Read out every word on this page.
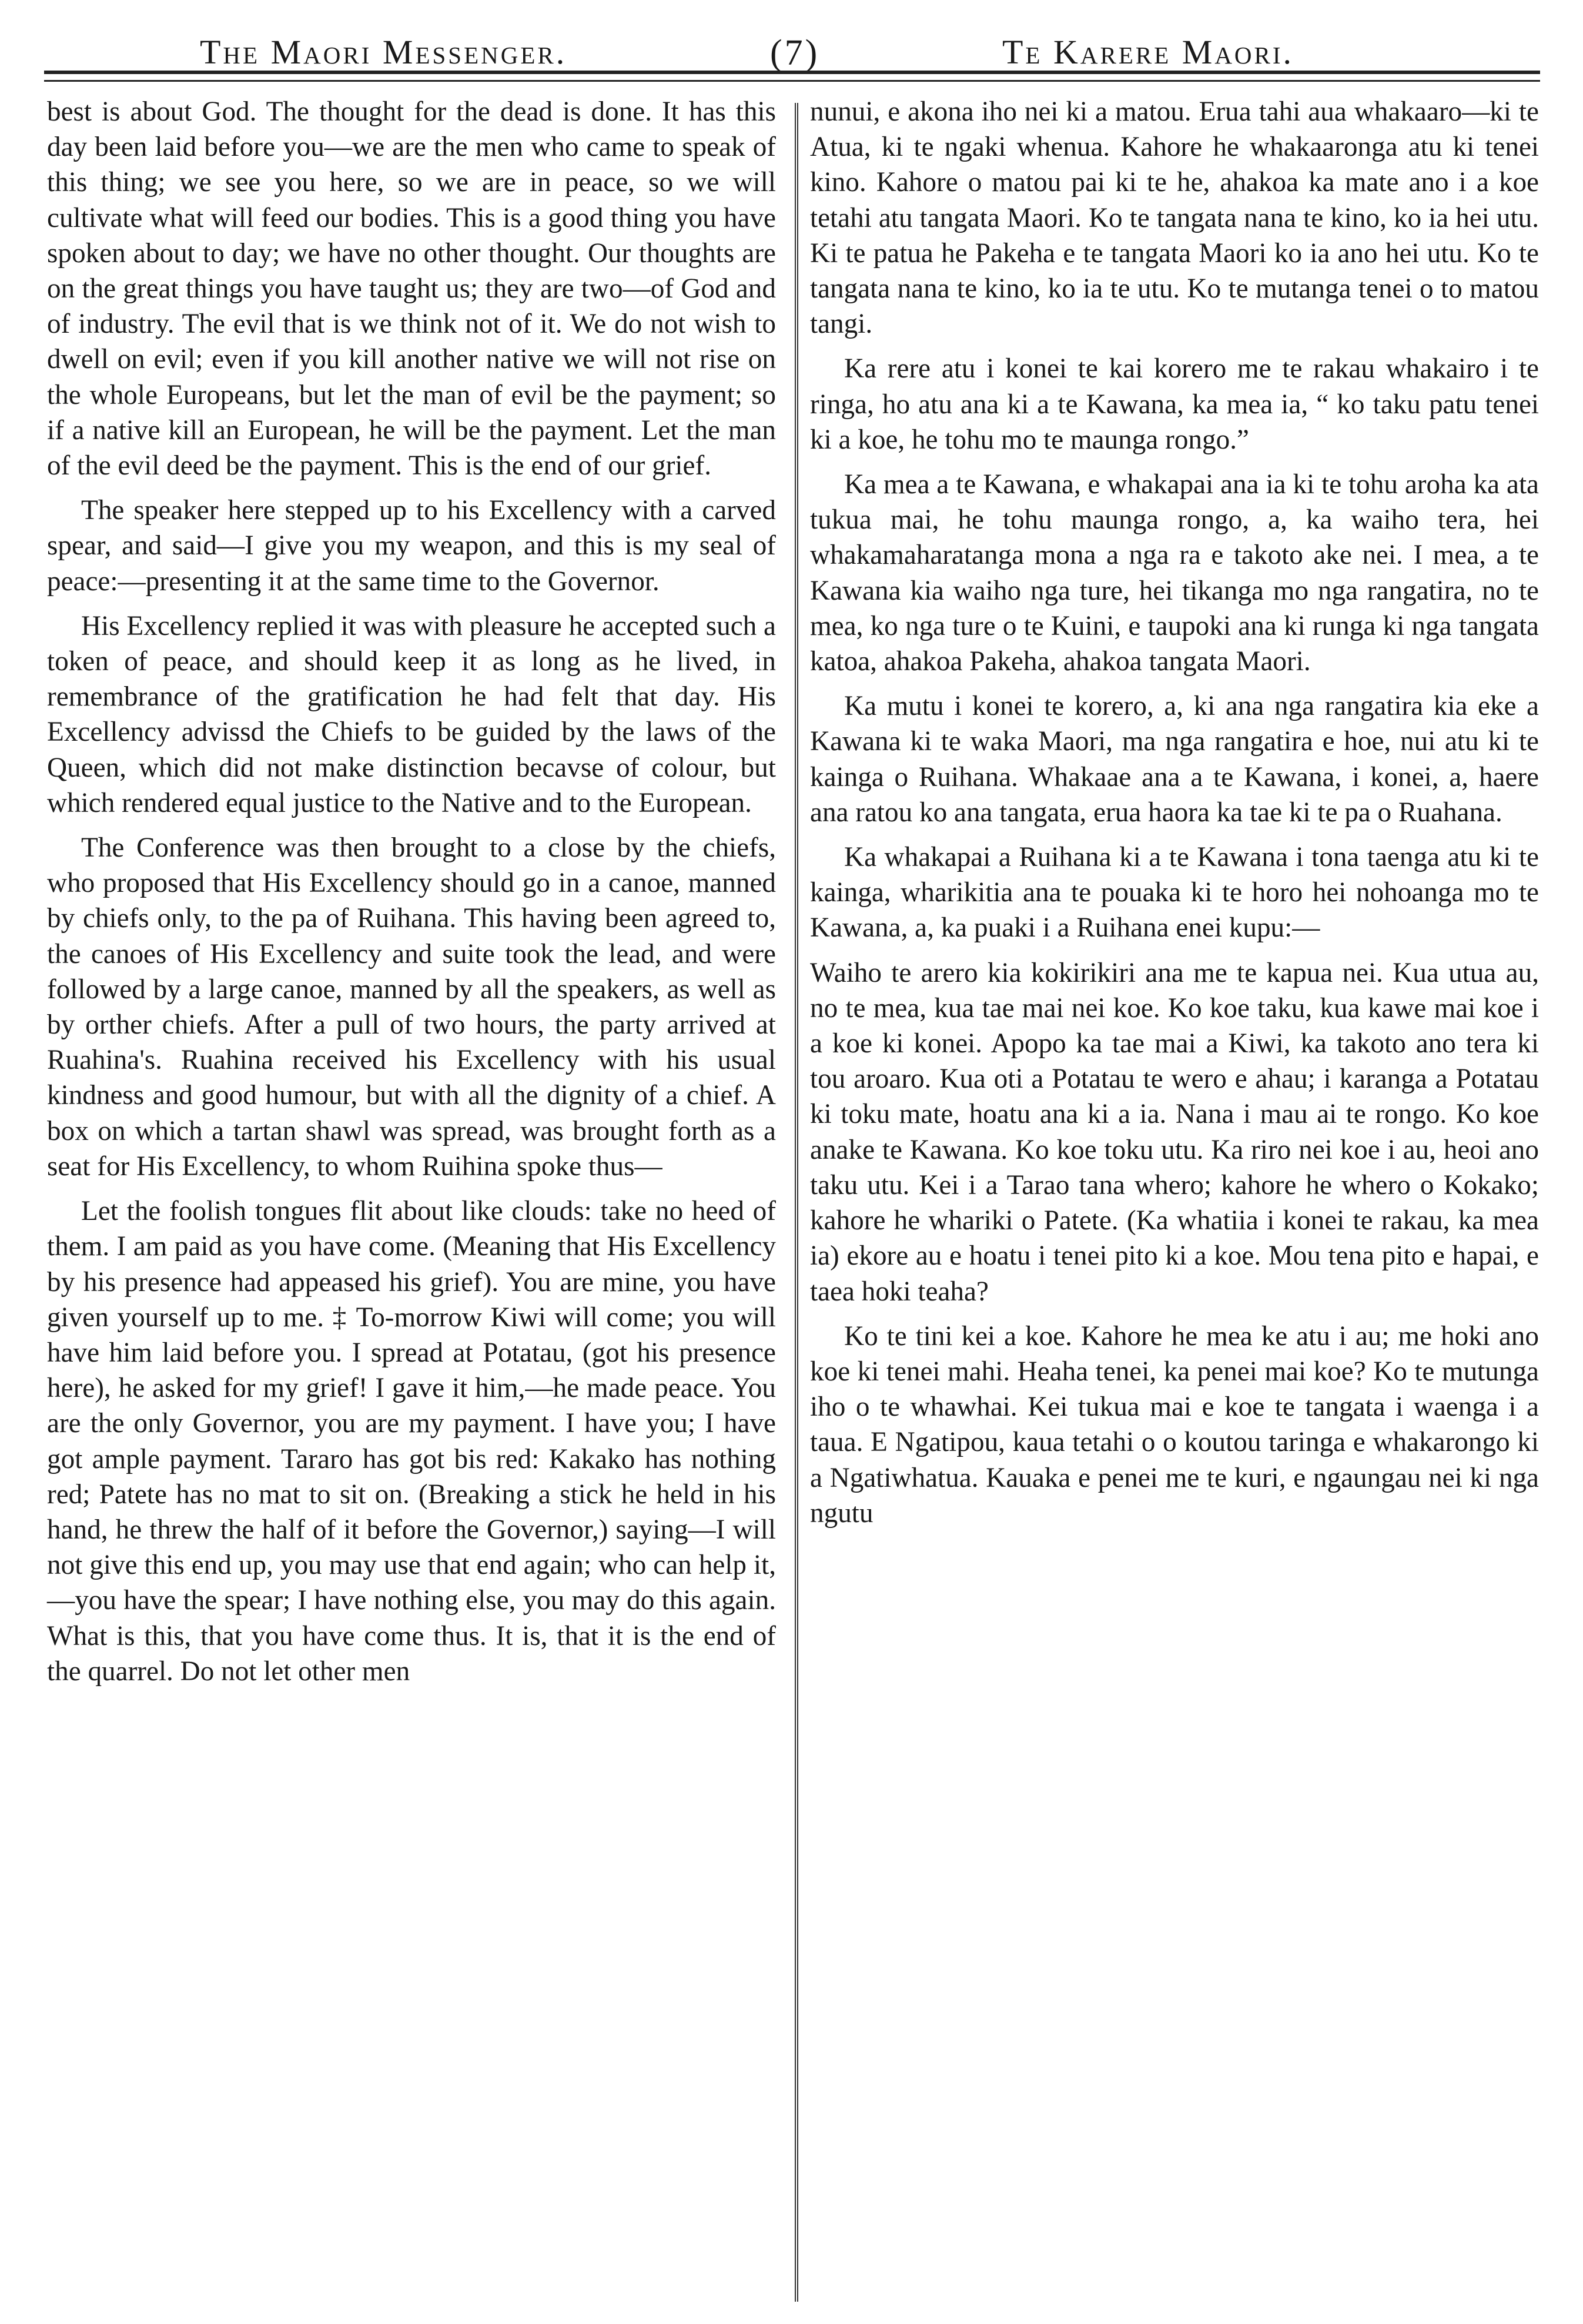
The Maori Messenger.	(7)	Te Karere Maori.

best is about God. The thought for the dead is done. It has this day been laid before you—we are the men who came to speak of this thing; we see you here, so we are in peace, so we will cultivate what will feed our bodies. This is a good thing you have spoken about to day; we have no other thought. Our thoughts are on the great things you have taught us; they are two—of God and of industry. The evil that is we think not of it. We do not wish to dwell on evil; even if you kill another native we will not rise on the whole Europeans, but let the man of evil be the payment; so if a native kill an European, he will be the payment. Let the man of the evil deed be the payment. This is the end of our grief.

The speaker here stepped up to his Excellency with a carved spear, and said—I give you my weapon, and this is my seal of peace:—presenting it at the same time to the Governor.

His Excellency replied it was with pleasure he accepted such a token of peace, and should keep it as long as he lived, in remembrance of the gratification he had felt that day. His Excellency advissd the Chiefs to be guided by the laws of the Queen, which did not make distinction becavse of colour, but which rendered equal justice to the Native and to the European.

The Conference was then brought to a close by the chiefs, who proposed that His Excellency should go in a canoe, manned by chiefs only, to the pa of Ruihana. This having been agreed to, the canoes of His Excellency and suite took the lead, and were followed by a large canoe, manned by all the speakers, as well as by orther chiefs. After a pull of two hours, the party arrived at Ruahina's. Ruahina received his Excellency with his usual kindness and good humour, but with all the dignity of a chief. A box on which a tartan shawl was spread, was brought forth as a seat for His Excellency, to whom Ruihina spoke thus—

Let the foolish tongues flit about like clouds: take no heed of them. I am paid as you have come. (Meaning that His Excellency by his presence had appeased his grief). You are mine, you have given yourself up to me. ‡ To-morrow Kiwi will come; you will have him laid before you. I spread at Potatau, (got his presence here), he asked for my grief! I gave it him,—he made peace. You are the only Governor, you are my payment. I have you; I have got ample payment. Tararo has got bis red: Kakako has nothing red; Patete has no mat to sit on. (Breaking a stick he held in his hand, he threw the half of it before the Governor,) saying—I will not give this end up, you may use that end again; who can help it,—you have the spear; I have nothing else, you may do this again. What is this, that you have come thus. It is, that it is the end of the quarrel. Do not let other men

nunui, e akona iho nei ki a matou. Erua tahi aua whakaaro—ki te Atua, ki te ngaki whenua. Kahore he whakaaronga atu ki tenei kino. Kahore o matou pai ki te he, ahakoa ka mate ano i a koe tetahi atu tangata Maori. Ko te tangata nana te kino, ko ia hei utu. Ki te patua he Pakeha e te tangata Maori ko ia ano hei utu. Ko te tangata nana te kino, ko ia te utu. Ko te mutanga tenei o to matou tangi.

Ka rere atu i konei te kai korero me te rakau whakairo i te ringa, ho atu ana ki a te Kawana, ka mea ia, “ ko taku patu tenei ki a koe, he tohu mo te maunga rongo.”

Ka mea a te Kawana, e whakapai ana ia ki te tohu aroha ka ata tukua mai, he tohu maunga rongo, a, ka waiho tera, hei whakamaharatanga mona a nga ra e takoto ake nei. I mea, a te Kawana kia waiho nga ture, hei tikanga mo nga rangatira, no te mea, ko nga ture o te Kuini, e taupoki ana ki runga ki nga tangata katoa, ahakoa Pakeha, ahakoa tangata Maori.

Ka mutu i konei te korero, a, ki ana nga rangatira kia eke a Kawana ki te waka Maori, ma nga rangatira e hoe, nui atu ki te kainga o Ruihana. Whakaae ana a te Kawana, i konei, a, haere ana ratou ko ana tangata, erua haora ka tae ki te pa o Ruahana.

Ka whakapai a Ruihana ki a te Kawana i tona taenga atu ki te kainga, wharikitia ana te pouaka ki te horo hei nohoanga mo te Kawana, a, ka puaki i a Ruihana enei kupu:—

Waiho te arero kia kokirikiri ana me te kapua nei. Kua utua au, no te mea, kua tae mai nei koe. Ko koe taku, kua kawe mai koe i a koe ki konei. Apopo ka tae mai a Kiwi, ka takoto ano tera ki tou aroaro. Kua oti a Potatau te wero e ahau; i karanga a Potatau ki toku mate, hoatu ana ki a ia. Nana i mau ai te rongo. Ko koe anake te Kawana. Ko koe toku utu. Ka riro nei koe i au, heoi ano taku utu. Kei i a Tarao tana whero; kahore he whero o Kokako; kahore he whariki o Patete. (Ka whatiia i konei te rakau, ka mea ia) ekore au e hoatu i tenei pito ki a koe. Mou tena pito e hapai, e taea hoki teaha?

Ko te tini kei a koe. Kahore he mea ke atu i au; me hoki ano koe ki tenei mahi. Heaha tenei, ka penei mai koe? Ko te mutunga iho o te whawhai. Kei tukua mai e koe te tangata i waenga i a taua. E Ngatipou, kaua tetahi o o koutou taringa e whakarongo ki a Ngatiwhatua. Kauaka e penei me te kuri, e ngaungau nei ki nga ngutu
